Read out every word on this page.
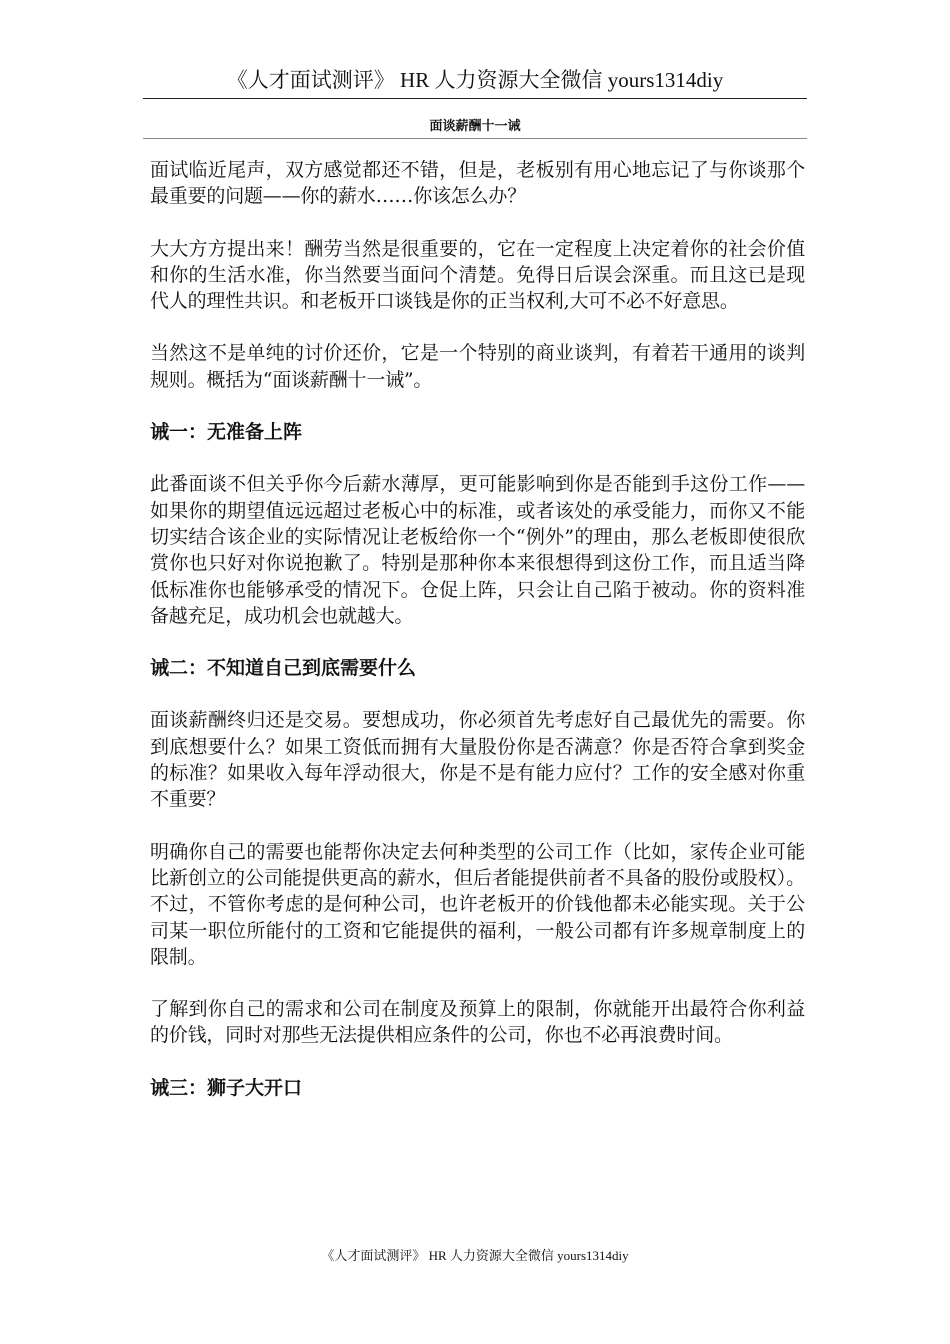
《人才面试测评》 HR 人力资源大全微信 yours1314diy
面谈薪酬十一诫

面试临近尾声，双方感觉都还不错，但是，老板别有用心地忘记了与你谈那个最重要的问题——你的薪水……你该怎么办？

大大方方提出来！酬劳当然是很重要的，它在一定程度上决定着你的社会价值和你的生活水准，你当然要当面问个清楚。免得日后误会深重。而且这已是现代人的理性共识。和老板开口谈钱是你的正当权利,大可不必不好意思。

当然这不是单纯的讨价还价，它是一个特别的商业谈判，有着若干通用的谈判规则。概括为“面谈薪酬十一诫”。

诫一：无准备上阵

此番面谈不但关乎你今后薪水薄厚，更可能影响到你是否能到手这份工作——如果你的期望值远远超过老板心中的标准，或者该处的承受能力，而你又不能切实结合该企业的实际情况让老板给你一个“例外”的理由，那么老板即使很欣赏你也只好对你说抱歉了。特别是那种你本来很想得到这份工作，而且适当降低标准你也能够承受的情况下。仓促上阵，只会让自己陷于被动。你的资料准备越充足，成功机会也就越大。

诫二：不知道自己到底需要什么

面谈薪酬终归还是交易。要想成功，你必须首先考虑好自己最优先的需要。你到底想要什么？如果工资低而拥有大量股份你是否满意？你是否符合拿到奖金的标准？如果收入每年浮动很大，你是不是有能力应付？工作的安全感对你重不重要？

明确你自己的需要也能帮你决定去何种类型的公司工作（比如，家传企业可能比新创立的公司能提供更高的薪水，但后者能提供前者不具备的股份或股权）。不过，不管你考虑的是何种公司，也许老板开的价钱他都未必能实现。关于公司某一职位所能付的工资和它能提供的福利，一般公司都有许多规章制度上的限制。

了解到你自己的需求和公司在制度及预算上的限制，你就能开出最符合你利益的价钱，同时对那些无法提供相应条件的公司，你也不必再浪费时间。

诫三：狮子大开口

《人才面试测评》 HR 人力资源大全微信 yours1314diy
